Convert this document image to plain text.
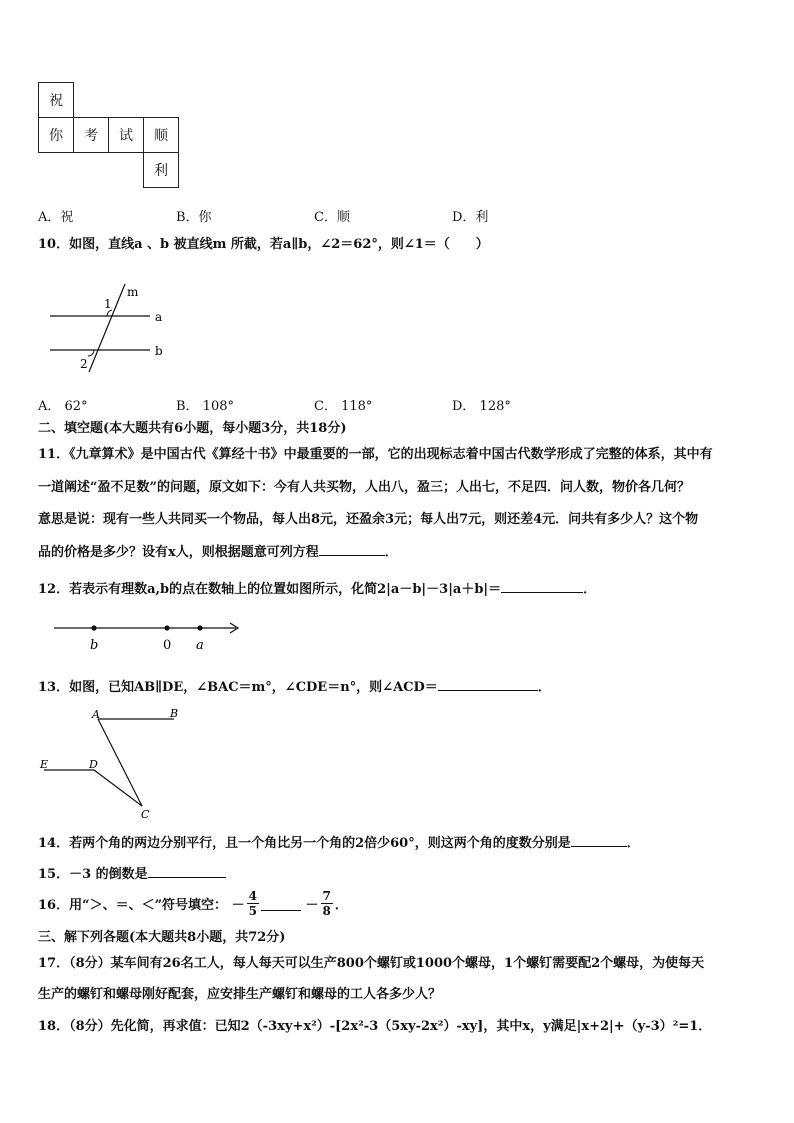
祝
你	考	试	顺
利
A．祝	B．你	C．顺	D．利
10．如图，直线a 、b 被直线m 所截，若a∥b，∠2＝62°，则∠1＝（　　）
m
a
b
1
2
A． 62°	B． 108°	C． 118°	D． 128°
二、填空题(本大题共有6小题，每小题3分，共18分)
11．《九章算术》是中国古代《算经十书》中最重要的一部，它的出现标志着中国古代数学形成了完整的体系，其中有
一道阐述“盈不足数”的问题，原文如下：今有人共买物，人出八，盈三；人出七，不足四．问人数，物价各几何？
意思是说：现有一些人共同买一个物品，每人出8元，还盈余3元；每人出7元，则还差4元．问共有多少人？这个物
品的价格是多少？设有x人，则根据题意可列方程	．
12．若表示有理数a,b的点在数轴上的位置如图所示，化简2|a－b|－3|a＋b|＝	．
b	0 a
13．如图，已知AB∥DE，∠BAC＝m°，∠CDE＝n°，则∠ACD＝	．
A	B
E	D
C
14．若两个角的两边分别平行，且一个角比另一个角的2倍少60°，则这两个角的度数分别是	．
15．－3 的倒数是
16．用“＞、＝、＜”符号填空： － $\frac{4}{5}$	－ $\frac{7}{8}$ ．
三、解下列各题(本大题共8小题，共72分)
17．（8分）某车间有26名工人，每人每天可以生产800个螺钉或1000个螺母，1个螺钉需要配2个螺母，为使每天
生产的螺钉和螺母刚好配套，应安排生产螺钉和螺母的工人各多少人？
18．（8分）先化简，再求值：已知2（-3xy+x²）-[2x²-3（5xy-2x²）-xy]，其中x，y满足|x+2|+（y-3）²=1．
